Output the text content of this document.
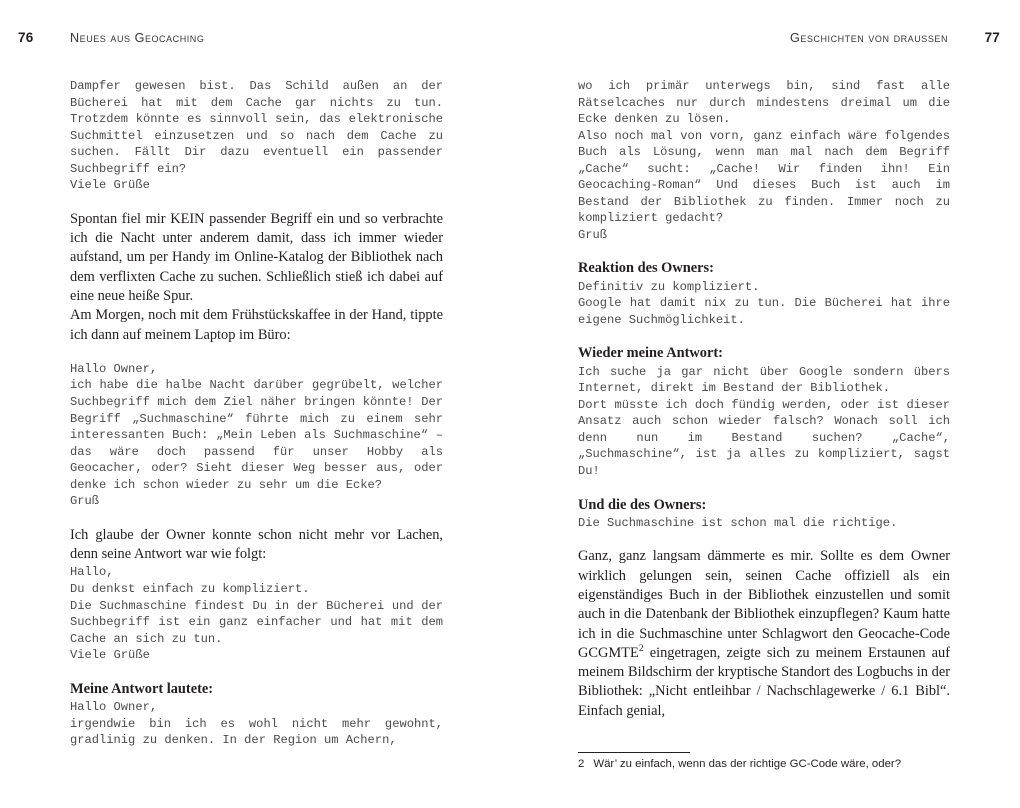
76	Neues aus Geocaching	Geschichten von draussen	77
Dampfer gewesen bist. Das Schild außen an der Bücherei hat mit dem Cache gar nichts zu tun. Trotzdem könnte es sinnvoll sein, das elektronische Suchmittel einzusetzen und so nach dem Cache zu suchen. Fällt Dir dazu eventuell ein passender Suchbegriff ein?
Viele Grüße
Spontan fiel mir KEIN passender Begriff ein und so verbrachte ich die Nacht unter anderem damit, dass ich immer wieder aufstand, um per Handy im Online-Katalog der Bibliothek nach dem verflixten Cache zu suchen. Schließlich stieß ich dabei auf eine neue heiße Spur.
Am Morgen, noch mit dem Frühstückskaffee in der Hand, tippte ich dann auf meinem Laptop im Büro:
Hallo Owner,
ich habe die halbe Nacht darüber gegrübelt, welcher Suchbegriff mich dem Ziel näher bringen könnte! Der Begriff „Suchmaschine“ führte mich zu einem sehr interessanten Buch: „Mein Leben als Suchmaschine“ – das wäre doch passend für unser Hobby als Geocacher, oder? Sieht dieser Weg besser aus, oder denke ich schon wieder zu sehr um die Ecke?
Gruß
Ich glaube der Owner konnte schon nicht mehr vor Lachen, denn seine Antwort war wie folgt:
Hallo,
Du denkst einfach zu kompliziert.
Die Suchmaschine findest Du in der Bücherei und der Suchbegriff ist ein ganz einfacher und hat mit dem Cache an sich zu tun.
Viele Grüße
Meine Antwort lautete:
Hallo Owner,
irgendwie bin ich es wohl nicht mehr gewohnt, gradlinig zu denken. In der Region um Achern,
wo ich primär unterwegs bin, sind fast alle Rätselcaches nur durch mindestens dreimal um die Ecke denken zu lösen.
Also noch mal von vorn, ganz einfach wäre folgendes Buch als Lösung, wenn man mal nach dem Begriff „Cache“ sucht: „Cache! Wir finden ihn! Ein Geocaching-Roman“ Und dieses Buch ist auch im Bestand der Bibliothek zu finden. Immer noch zu kompliziert gedacht?
Gruß
Reaktion des Owners:
Definitiv zu kompliziert.
Google hat damit nix zu tun. Die Bücherei hat ihre eigene Suchmöglichkeit.
Wieder meine Antwort:
Ich suche ja gar nicht über Google sondern übers Internet, direkt im Bestand der Bibliothek.
Dort müsste ich doch fündig werden, oder ist dieser Ansatz auch schon wieder falsch? Wonach soll ich denn nun im Bestand suchen? „Cache“, „Suchmaschine“, ist ja alles zu kompliziert, sagst Du!
Und die des Owners:
Die Suchmaschine ist schon mal die richtige.
Ganz, ganz langsam dämmerte es mir. Sollte es dem Owner wirklich gelungen sein, seinen Cache offiziell als ein eigenständiges Buch in der Bibliothek einzustellen und somit auch in die Datenbank der Bibliothek einzupflegen? Kaum hatte ich in die Suchmaschine unter Schlagwort den Geocache-Code GCGMTE$^2$ eingetragen, zeigte sich zu meinem Erstaunen auf meinem Bildschirm der kryptische Standort des Logbuchs in der Bibliothek: „Nicht entleihbar / Nachschlagewerke / 6.1 Bibl“. Einfach genial,
2 Wär’ zu einfach, wenn das der richtige GC-Code wäre, oder?
